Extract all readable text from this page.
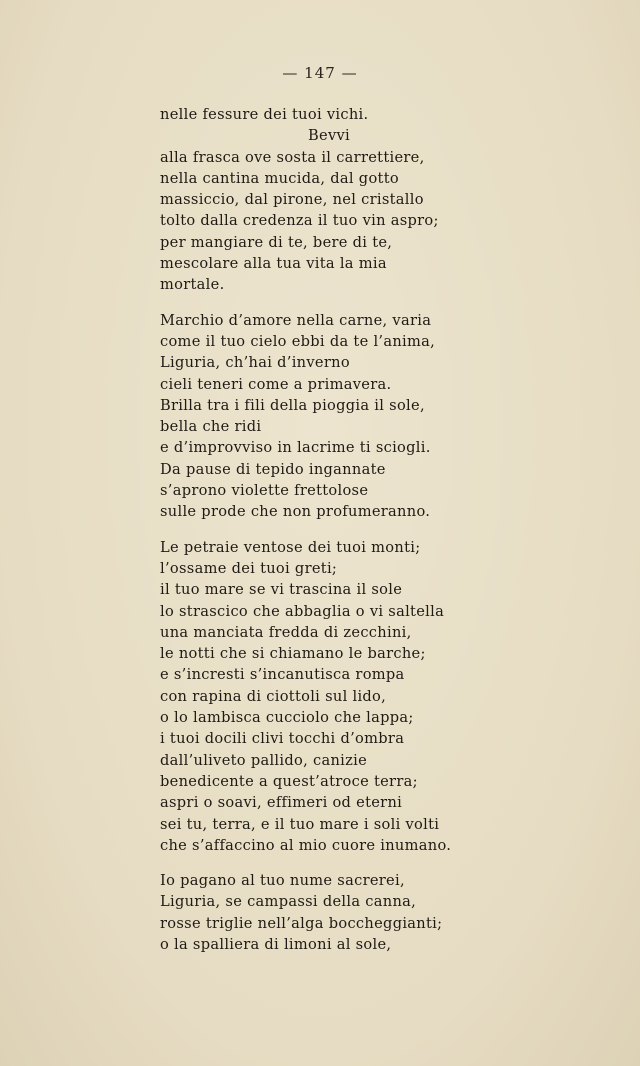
— 147 —
nelle fessure dei tuoi vichi.
Bevvi
alla frasca ove sosta il carrettiere,
nella cantina mucida, dal gotto
massiccio, dal pirone, nel cristallo
tolto dalla credenza il tuo vin aspro;
per mangiare di te, bere di te,
mescolare alla tua vita la mia
mortale.
Marchio d’amore nella carne, varia
come il tuo cielo ebbi da te l’anima,
Liguria, ch’hai d’inverno
cieli teneri come a primavera.
Brilla tra i fili della pioggia il sole,
bella che ridi
e d’improvviso in lacrime ti sciogli.
Da pause di tepido ingannate
s’aprono violette frettolose
sulle prode che non profumeranno.
Le petraie ventose dei tuoi monti;
l’ossame dei tuoi greti;
il tuo mare se vi trascina il sole
lo strascico che abbaglia o vi saltella
una manciata fredda di zecchini,
le notti che si chiamano le barche;
e s’incresti s’incanutisca rompa
con rapina di ciottoli sul lido,
o lo lambisca cucciolo che lappa;
i tuoi docili clivi tocchi d’ombra
dall’uliveto pallido, canizie
benedicente a quest’atroce terra;
aspri o soavi, effimeri od eterni
sei tu, terra, e il tuo mare i soli volti
che s’affaccino al mio cuore inumano.
Io pagano al tuo nume sacrerei,
Liguria, se campassi della canna,
rosse triglie nell’alga boccheggianti;
o la spalliera di limoni al sole,
